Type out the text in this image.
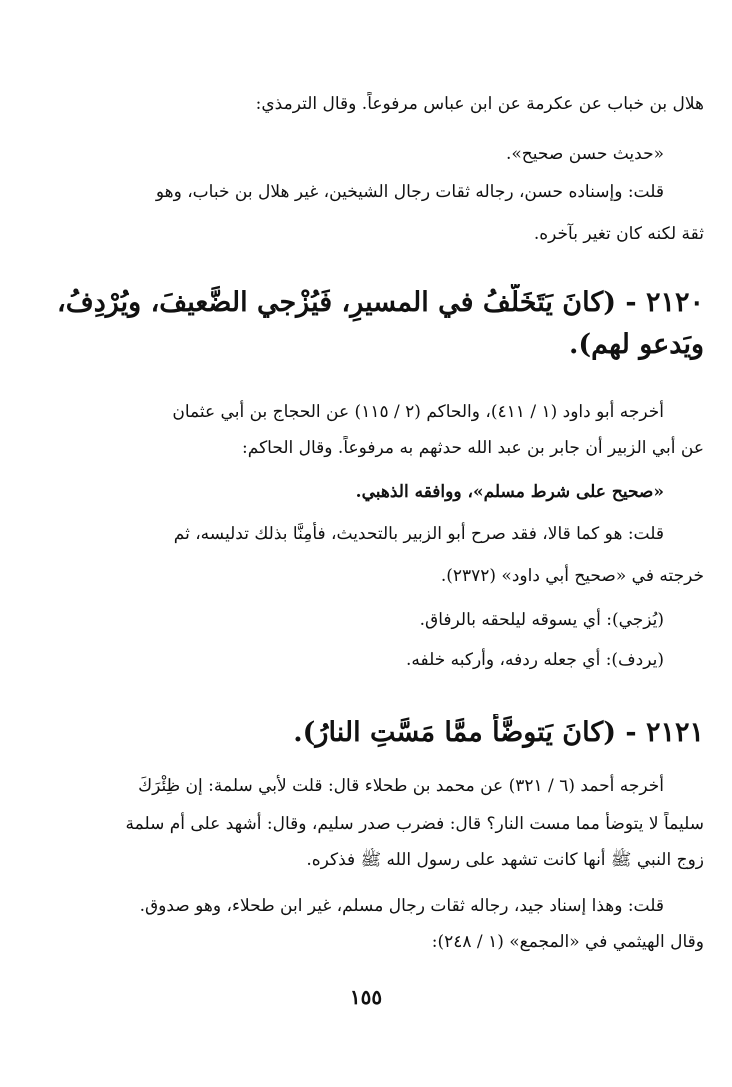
هلال بن خباب عن عكرمة عن ابن عباس مرفوعاً. وقال الترمذي:
«حديث حسن صحيح».
قلت: وإسناده حسن، رجاله ثقات رجال الشيخين، غير هلال بن خباب، وهو
ثقة لكنه كان تغير بآخره.
٢١٢٠ - (كانَ يَتَخَلَّفُ في المسيرِ، فَيُزْجي الضَّعيفَ، ويُرْدِفُ،
ويَدعو لهم).
أخرجه أبو داود (١ / ٤١١)، والحاكم (٢ / ١١٥) عن الحجاج بن أبي عثمان
عن أبي الزبير أن جابر بن عبد الله حدثهم به مرفوعاً. وقال الحاكم:
«صحيح على شرط مسلم»، ووافقه الذهبي.
قلت: هو كما قالا، فقد صرح أبو الزبير بالتحديث، فأمِنَّا بذلك تدليسه، ثم
خرجته في «صحيح أبي داود» (٢٣٧٢).
(يُزجي): أي يسوقه ليلحقه بالرفاق.
(يردف): أي جعله ردفه، وأركبه خلفه.
٢١٢١ - (كانَ يَتوضَّأُ ممَّا مَسَّتِ النارُ).
أخرجه أحمد (٦ / ٣٢١) عن محمد بن طحلاء قال: قلت لأبي سلمة: إن ظِئْرَكَ
سليماً لا يتوضأ مما مست النار؟ قال: فضرب صدر سليم، وقال: أشهد على أم سلمة
زوج النبي ﷺ أنها كانت تشهد على رسول الله ﷺ فذكره.
قلت: وهذا إسناد جيد، رجاله ثقات رجال مسلم، غير ابن طحلاء، وهو صدوق.
وقال الهيثمي في «المجمع» (١ / ٢٤٨):
١٥٥
